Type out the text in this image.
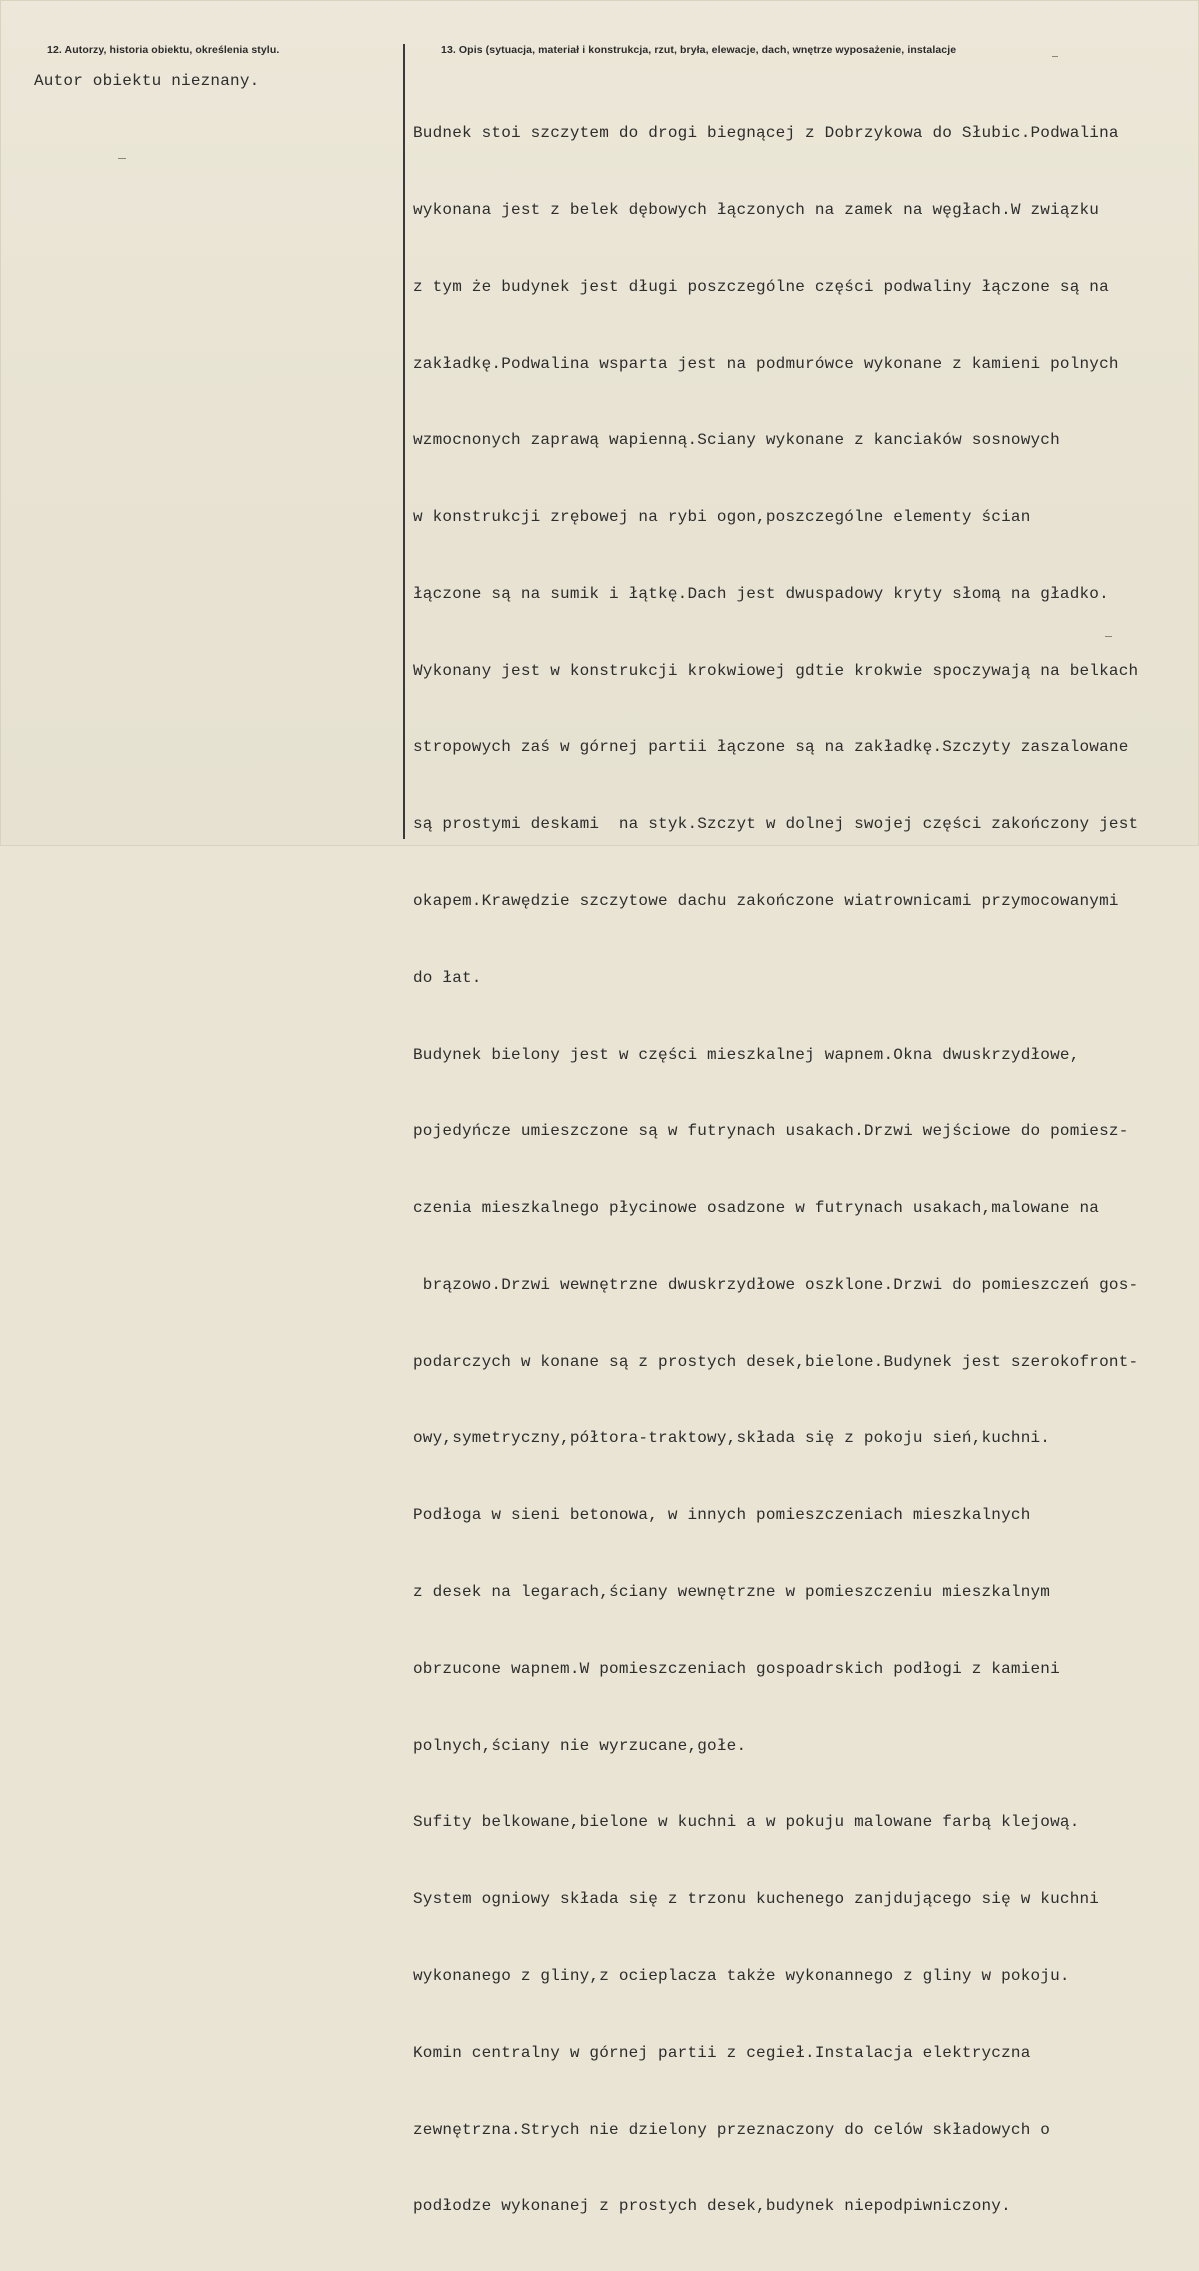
12. Autorzy, historia obiektu, określenia stylu.	13. Opis (sytuacja, materiał i konstrukcja, rzut, bryła, elewacje, dach, wnętrze wyposażenie, instalacje
Autor obiektu nieznany.

Budnek stoi szczytem do drogi biegnącej z Dobrzykowa do Słubic.Podwalina

wykonana jest z belek dębowych łączonych na zamek na węgłach.W związku

z tym że budynek jest długi poszczególne części podwaliny łączone są na

zakładkę.Podwalina wsparta jest na podmurówce wykonane z kamieni polnych

wzmocnonych zaprawą wapienną.Sciany wykonane z kanciaków sosnowych

w konstrukcji zrębowej na rybi ogon,poszczególne elementy ścian

łączone są na sumik i łątkę.Dach jest dwuspadowy kryty słomą na gładko.

Wykonany jest w konstrukcji krokwiowej gdtie krokwie spoczywają na belkach

stropowych zaś w górnej partii łączone są na zakładkę.Szczyty zaszalowane

są prostymi deskami  na styk.Szczyt w dolnej swojej części zakończony jest

okapem.Krawędzie szczytowe dachu zakończone wiatrownicami przymocowanymi

do łat.

Budynek bielony jest w części mieszkalnej wapnem.Okna dwuskrzydłowe,

pojedyńcze umieszczone są w futrynach usakach.Drzwi wejściowe do pomiesz-

czenia mieszkalnego płycinowe osadzone w futrynach usakach,malowane na

brązowo.Drzwi wewnętrzne dwuskrzydłowe oszklone.Drzwi do pomieszczeń gos-

podarczych w konane są z prostych desek,bielone.Budynek jest szerokofront-

owy,symetryczny,półtora-traktowy,składa się z pokoju sień,kuchni.

Podłoga w sieni betonowa, w innych pomieszczeniach mieszkalnych

z desek na legarach,ściany wewnętrzne w pomieszczeniu mieszkalnym

obrzucone wapnem.W pomieszczeniach gospoadrskich podłogi z kamieni

polnych,ściany nie wyrzucane,gołe.

Sufity belkowane,bielone w kuchni a w pokuju malowane farbą klejową.

System ogniowy składa się z trzonu kuchenego zanjdującego się w kuchni

wykonanego z gliny,z ocieplacza także wykonannego z gliny w pokoju.

Komin centralny w górnej partii z cegieł.Instalacja elektryczna

zewnętrzna.Strych nie dzielony przeznaczony do celów składowych o

podłodze wykonanej z prostych desek,budynek niepodpiwniczony.
